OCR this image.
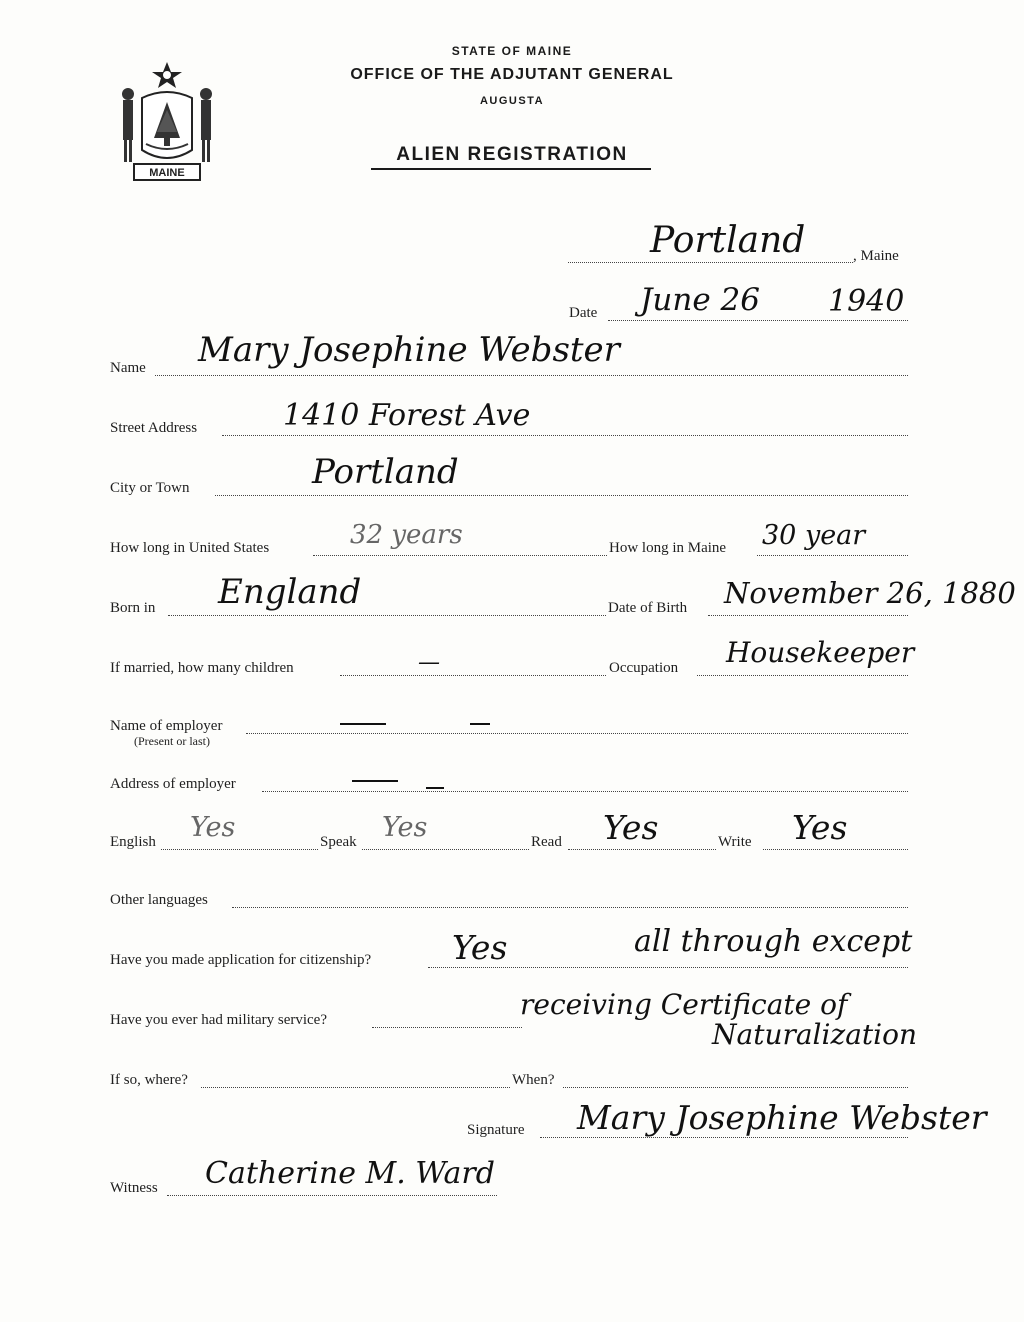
MAINE
STATE OF MAINE
OFFICE OF THE ADJUTANT GENERAL
AUGUSTA
ALIEN REGISTRATION
Portland	, Maine
Date June 26 1940
Name Mary Josephine Webster
Street Address	1410 Forest Ave
City or Town	Portland
How long in United States	32 years	How long in Maine 30 year
Born in England	Date of Birth November 26, 1880
If married, how many children	—	Occupation Housekeeper
Name of employer
(Present or last)
Address of employer
English Yes	Speak Yes	Read Yes	Write Yes
Other languages
Have you made application for citizenship? Yes	all through except
receiving Certificate of
Naturalization
Have you ever had military service?
If so, where?	When?
Signature Mary Josephine Webster
Witness Catherine M. Ward
